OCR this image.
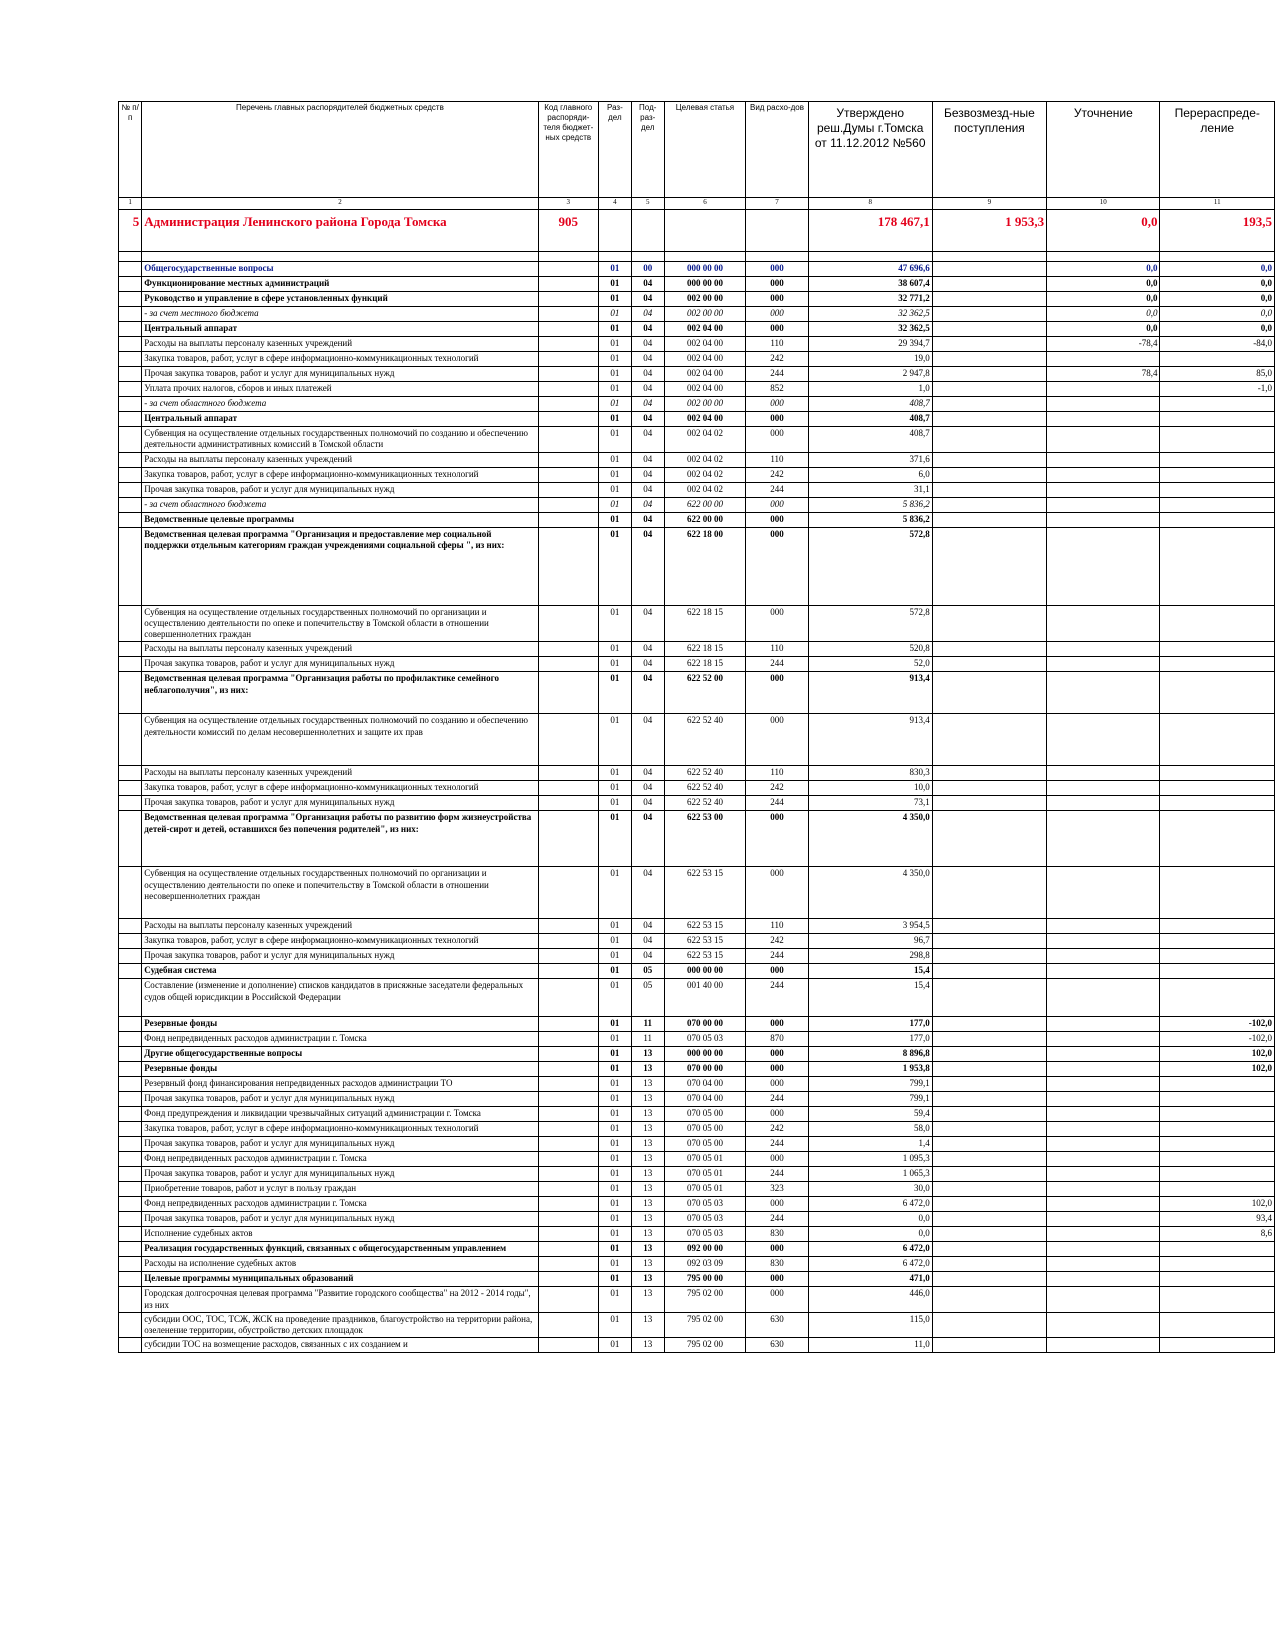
№ п/п	Перечень главных распорядителей бюджетных средств	Код главного распоряди-теля бюджет-ных средств	Раз-дел	Под-раз-дел	Целевая статья	Вид расхо-дов	Утверждено реш.Думы г.Томска от 11.12.2012 №560	Безвозмезд-ные поступления	Уточнение	Перераспреде-ление
1	2	3	4	5	6	7	8	9	10	11
5	Администрация Ленинского района Города Томска	905					178 467,1	1 953,3	0,0	193,5

	Общегосударственные вопросы		01	00	000 00 00	000	47 696,6		0,0	0,0
	Функционирование местных администраций		01	04	000 00 00	000	38 607,4		0,0	0,0
	Руководство и управление в сфере установленных функций		01	04	002 00 00	000	32 771,2		0,0	0,0
	- за счет местного бюджета		01	04	002 00 00	000	32 362,5		0,0	0,0
	Центральный аппарат		01	04	002 04 00	000	32 362,5		0,0	0,0
	Расходы на выплаты персоналу казенных учреждений		01	04	002 04 00	110	29 394,7		-78,4	-84,0
	Закупка товаров, работ, услуг в сфере информационно-коммуникационных технологий		01	04	002 04 00	242	19,0			
	Прочая закупка товаров, работ и услуг для муниципальных нужд		01	04	002 04 00	244	2 947,8		78,4	85,0
	Уплата прочих налогов, сборов и иных платежей		01	04	002 04 00	852	1,0			-1,0
	- за счет областного бюджета		01	04	002 00 00	000	408,7			
	Центральный аппарат		01	04	002 04 00	000	408,7			
	Субвенция на осуществление отдельных государственных полномочий по созданию и обеспечению деятельности административных комиссий в Томской области		01	04	002 04 02	000	408,7			
	Расходы на выплаты персоналу казенных учреждений		01	04	002 04 02	110	371,6			
	Закупка товаров, работ, услуг в сфере информационно-коммуникационных технологий		01	04	002 04 02	242	6,0			
	Прочая закупка товаров, работ и услуг для муниципальных нужд		01	04	002 04 02	244	31,1			
	- за счет областного бюджета		01	04	622 00 00	000	5 836,2			
	Ведомственные целевые программы		01	04	622 00 00	000	5 836,2			
	Ведомственная целевая программа "Организация и предоставление мер социальной поддержки отдельным категориям граждан учреждениями социальной сферы ", из них:		01	04	622 18 00	000	572,8			
	Субвенция на осуществление отдельных государственных полномочий по организации и осуществлению деятельности по опеке и попечительству в Томской области в отношении совершеннолетних граждан		01	04	622 18 15	000	572,8			
	Расходы на выплаты персоналу казенных учреждений		01	04	622 18 15	110	520,8			
	Прочая закупка товаров, работ и услуг для муниципальных нужд		01	04	622 18 15	244	52,0			
	Ведомственная целевая программа "Организация работы по профилактике семейного неблагополучия", из них:		01	04	622 52 00	000	913,4			
	Субвенция на осуществление отдельных государственных полномочий по созданию и обеспечению деятельности комиссий по делам несовершеннолетних и защите их прав		01	04	622 52 40	000	913,4			
	Расходы на выплаты персоналу казенных учреждений		01	04	622 52 40	110	830,3			
	Закупка товаров, работ, услуг в сфере информационно-коммуникационных технологий		01	04	622 52 40	242	10,0			
	Прочая закупка товаров, работ и услуг для муниципальных нужд		01	04	622 52 40	244	73,1			
	Ведомственная целевая программа "Организация работы по развитию форм жизнеустройства детей-сирот и детей, оставшихся без попечения родителей", из них:		01	04	622 53 00	000	4 350,0			
	Субвенция на осуществление отдельных государственных полномочий по организации и осуществлению деятельности по опеке и попечительству в Томской области в отношении несовершеннолетних граждан		01	04	622 53 15	000	4 350,0			
	Расходы на выплаты персоналу казенных учреждений		01	04	622 53 15	110	3 954,5			
	Закупка товаров, работ, услуг в сфере информационно-коммуникационных технологий		01	04	622 53 15	242	96,7			
	Прочая закупка товаров, работ и услуг для муниципальных нужд		01	04	622 53 15	244	298,8			
	Судебная система		01	05	000 00 00	000	15,4			
	Составление (изменение и дополнение) списков кандидатов в присяжные заседатели федеральных судов общей юрисдикции в Российской Федерации		01	05	001 40 00	244	15,4			
	Резервные фонды		01	11	070 00 00	000	177,0			-102,0
	Фонд непредвиденных расходов администрации г. Томска		01	11	070 05 03	870	177,0			-102,0
	Другие общегосударственные вопросы		01	13	000 00 00	000	8 896,8			102,0
	Резервные фонды		01	13	070 00 00	000	1 953,8			102,0
	Резервный фонд финансирования непредвиденных расходов администрации ТО		01	13	070 04 00	000	799,1			
	Прочая закупка товаров, работ и услуг для муниципальных нужд		01	13	070 04 00	244	799,1			
	Фонд предупреждения и ликвидации чрезвычайных ситуаций администрации г. Томска		01	13	070 05 00	000	59,4			
	Закупка товаров, работ, услуг в сфере информационно-коммуникационных технологий		01	13	070 05 00	242	58,0			
	Прочая закупка товаров, работ и услуг для муниципальных нужд		01	13	070 05 00	244	1,4			
	Фонд непредвиденных расходов администрации г. Томска		01	13	070 05 01	000	1 095,3			
	Прочая закупка товаров, работ и услуг для муниципальных нужд		01	13	070 05 01	244	1 065,3			
	Приобретение товаров, работ и услуг в пользу граждан		01	13	070 05 01	323	30,0			
	Фонд непредвиденных расходов администрации г. Томска		01	13	070 05 03	000	6 472,0			102,0
	Прочая закупка товаров, работ и услуг для муниципальных нужд		01	13	070 05 03	244	0,0			93,4
	Исполнение судебных актов		01	13	070 05 03	830	0,0			8,6
	Реализация государственных функций, связанных с общегосударственным управлением		01	13	092 00 00	000	6 472,0			
	Расходы на исполнение судебных актов		01	13	092 03 09	830	6 472,0			
	Целевые программы муниципальных образований		01	13	795 00 00	000	471,0			
	Городская долгосрочная целевая программа "Развитие городского сообщества" на 2012 - 2014 годы", из них		01	13	795 02 00	000	446,0			
	субсидии ООС, ТОС, ТСЖ, ЖСК на проведение праздников, благоустройство на территории района, озеленение территории, обустройство детских площадок		01	13	795 02 00	630	115,0			
	субсидии ТОС на возмещение расходов, связанных с их созданием и		01	13	795 02 00	630	11,0			
